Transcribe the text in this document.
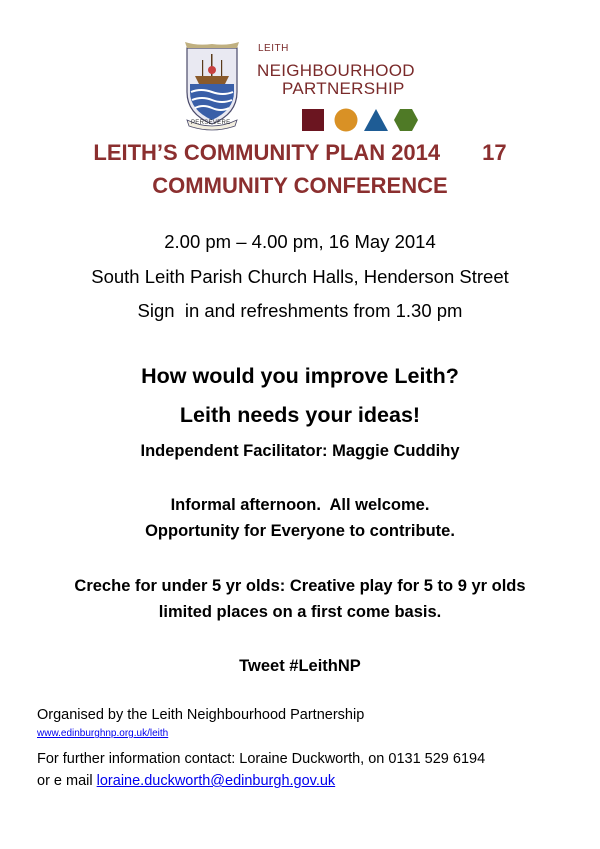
PERSEVERE
LEITH
NEIGHBOURHOOD
PARTNERSHIP
LEITH’S COMMUNITY PLAN 2014 17
COMMUNITY CONFERENCE
2.00 pm – 4.00 pm, 16 May 2014
South Leith Parish Church Halls, Henderson Street
Sign  in and refreshments from 1.30 pm
How would you improve Leith?
Leith needs your ideas!
Independent Facilitator: Maggie Cuddihy
Informal afternoon.  All welcome.
Opportunity for Everyone to contribute.
Creche for under 5 yr olds: Creative play for 5 to 9 yr olds
limited places on a first come basis.
Tweet #LeithNP
Organised by the Leith Neighbourhood Partnership
www.edinburghnp.org.uk/leith
For further information contact: Loraine Duckworth, on 0131 529 6194
or e mail loraine.duckworth@edinburgh.gov.uk
